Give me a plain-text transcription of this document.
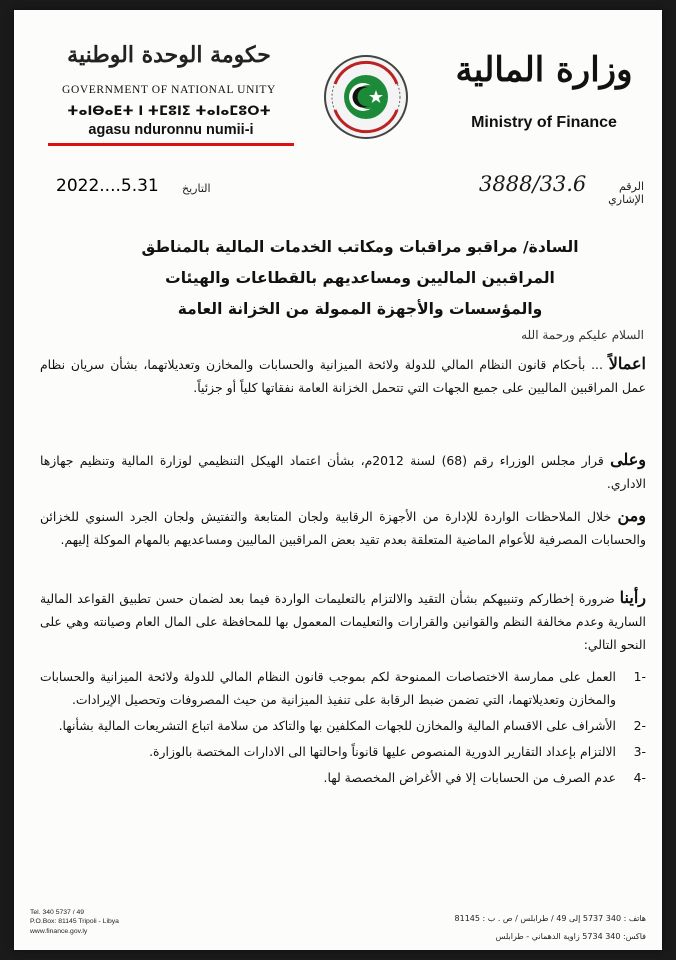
حكومة الوحدة الوطنية
GOVERNMENT OF NATIONAL UNITY
ⵜⴰⵏⴱⴰⴹⵜ ⵏ ⵜⵎⵓⵏⵉ ⵜⴰⵏⴰⵎⵓⵔⵜ
agasu nduronnu numii-i
وزارة المالية
Ministry of Finance
2022....5.31 التاريخ	3888/33.6	الرقم الإشاري
السادة/ مراقبو مراقبات ومكاتب الخدمات المالية بالمناطق
المراقبين الماليين ومساعديهم بالقطاعات والهيئات
والمؤسسات والأجهزة الممولة من الخزانة العامة
السلام عليكم ورحمة الله
اعمالاً ... بأحكام قانون النظام المالي للدولة ولائحة الميزانية والحسابات والمخازن وتعديلاتهما، بشأن سريان نظام عمل المراقبين الماليين على جميع الجهات التي تتحمل الخزانة العامة نفقاتها كلياً أو جزئياً.
وعلى قرار مجلس الوزراء رقم (68) لسنة 2012م، بشأن اعتماد الهيكل التنظيمي لوزارة المالية وتنظيم جهازها الاداري.
ومن خلال الملاحظات الواردة للإدارة من الأجهزة الرقابية ولجان المتابعة والتفتيش ولجان الجرد السنوي للخزائن والحسابات المصرفية للأعوام الماضية المتعلقة بعدم تقيد بعض المراقبين الماليين ومساعديهم بالمهام الموكلة إليهم.
رأينا ضرورة إخطاركم وتنبيهكم بشأن التقيد والالتزام بالتعليمات الواردة فيما بعد لضمان حسن تطبيق القواعد المالية السارية وعدم مخالفة النظم والقوانين والقرارات والتعليمات المعمول بها للمحافظة على المال العام وصيانته وهي على النحو التالي:
-1
العمل على ممارسة الاختصاصات الممنوحة لكم بموجب قانون النظام المالي للدولة ولائحة الميزانية والحسابات والمخازن وتعديلاتهما، التي تضمن ضبط الرقابة على تنفيذ الميزانية من حيث المصروفات وتحصيل الإيرادات.
-2
الأشراف على الاقسام المالية والمخازن للجهات المكلفين بها والتاكد من سلامة اتباع التشريعات المالية بشأنها.
-3
الالتزام بإعداد التقارير الدورية المنصوص عليها قانوناً واحالتها الى الادارات المختصة بالوزارة.
-4
عدم الصرف من الحسابات إلا في الأغراض المخصصة لها.
Tel. 340 5737 / 49
P.O.Box: 81145 Tripoli - Libya
www.finance.gov.ly
هاتف : 340 5737 إلى 49 / طرابلس / ص . ب : 81145
فاكس: 340 5734 زاوية الدهماني - طرابلس
